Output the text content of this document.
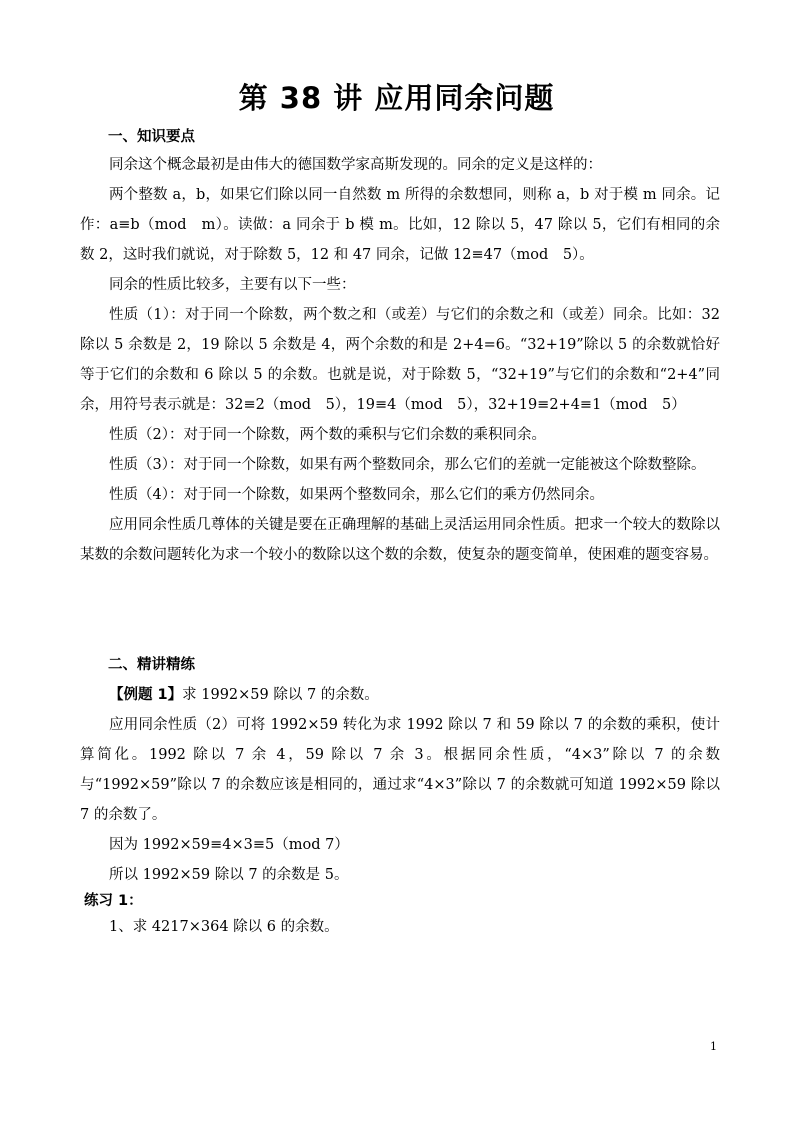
第 38 讲 应用同余问题
一、知识要点

同余这个概念最初是由伟大的德国数学家高斯发现的。同余的定义是这样的：

两个整数 a，b，如果它们除以同一自然数 m 所得的余数想同，则称 a，b 对于模 m 同余。记作：a≡b（mod　m）。读做：a 同余于 b 模 m。比如，12 除以 5，47 除以 5，它们有相同的余数 2，这时我们就说，对于除数 5，12 和 47 同余，记做 12≡47（mod　5）。

同余的性质比较多，主要有以下一些：

性质（1）：对于同一个除数，两个数之和（或差）与它们的余数之和（或差）同余。比如：32 除以 5 余数是 2，19 除以 5 余数是 4，两个余数的和是 2+4=6。“32+19”除以 5 的余数就恰好等于它们的余数和 6 除以 5 的余数。也就是说，对于除数 5，“32+19”与它们的余数和“2+4”同余，用符号表示就是：32≡2（mod　5），19≡4（mod　5），32+19≡2+4≡1（mod　5）

性质（2）：对于同一个除数，两个数的乘积与它们余数的乘积同余。

性质（3）：对于同一个除数，如果有两个整数同余，那么它们的差就一定能被这个除数整除。

性质（4）：对于同一个除数，如果两个整数同余，那么它们的乘方仍然同余。

应用同余性质几尊体的关键是要在正确理解的基础上灵活运用同余性质。把求一个较大的数除以某数的余数问题转化为求一个较小的数除以这个数的余数，使复杂的题变简单，使困难的题变容易。

二、精讲精练

【例题 1】求 1992×59 除以 7 的余数。

应用同余性质（2）可将 1992×59 转化为求 1992 除以 7 和 59 除以 7 的余数的乘积，使计算简化。1992 除以 7 余 4，59 除以 7 余 3。根据同余性质，“4×3”除以 7 的余数与“1992×59”除以 7 的余数应该是相同的，通过求“4×3”除以 7 的余数就可知道 1992×59 除以 7 的余数了。

因为 1992×59≡4×3≡5（mod 7）

所以 1992×59 除以 7 的余数是 5。

练习 1：

1、求 4217×364 除以 6 的余数。

1
